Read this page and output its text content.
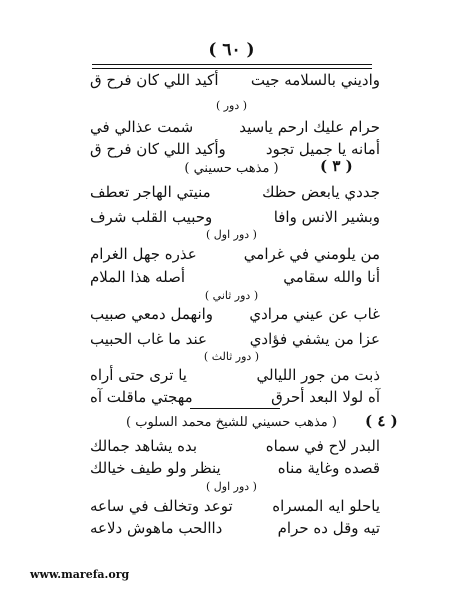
( ٦٠ )
واديني بالسلامه جيت
أكيد اللي كان فرح ق
( دور )
حرام عليك ارحم ياسيد
شمت عذالي في
أمانه يا جميل تجود
وأكيد اللي كان فرح ق
( ٣ )
( مذهب حسيني )
جددي يابعض حظك
منيتي الهاجر تعطف
وبشير الانس وافا
وحبيب القلب شرف
( دور اول )
من يلومني في غرامي
عذره جهل الغرام
أنا والله سقامي
أصله هذا الملام
( دور ثاني )
غاب عن عيني مرادي
وانهمل دمعي صبيب
عزا من يشفي فؤادي
عند ما غاب الحبيب
( دور ثالث )
ذبت من جور الليالي
يا ترى حتى أراه
آه لولا البعد أحرق
مهجتي ماقلت آه
( ٤ )
( مذهب حسيني للشيخ محمد السلوب )
البدر لاح في سماه
بده يشاهد جمالك
قصده وغاية مناه
ينظر ولو طيف خيالك
( دور اول )
ياحلو ايه المسراه
توعد وتخالف في ساعه
تيه وقل ده حرام
داالحب ماهوش دلاعه
www.marefa.org
